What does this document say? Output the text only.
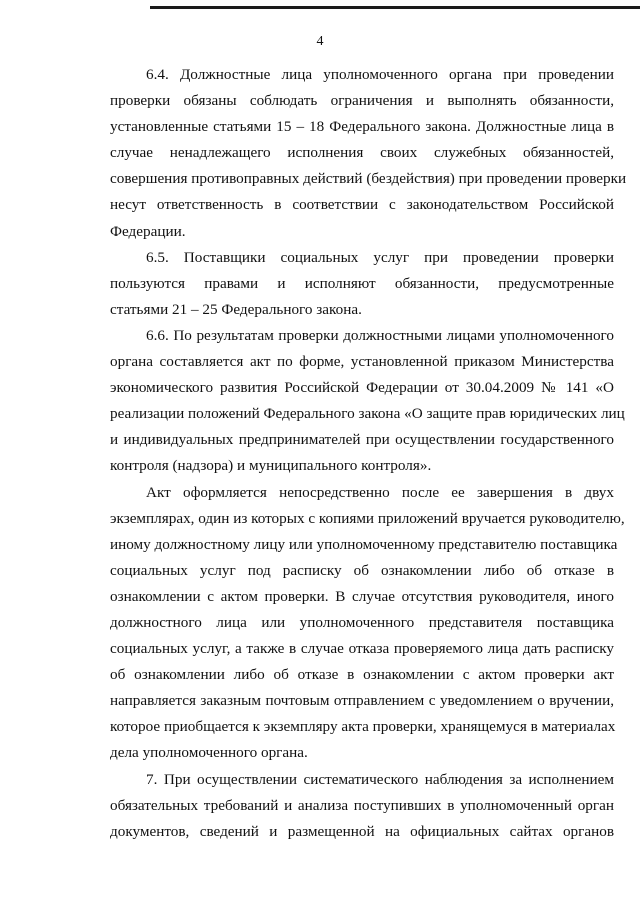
4
6.4. Должностные лица уполномоченного органа при проведении
проверки обязаны соблюдать ограничения и выполнять обязанности,
установленные статьями 15 – 18 Федерального закона. Должностные лица в
случае ненадлежащего исполнения своих служебных обязанностей,
совершения противоправных действий (бездействия) при проведении проверки
несут ответственность в соответствии с законодательством Российской
Федерации.
6.5. Поставщики социальных услуг при проведении проверки
пользуются правами и исполняют обязанности, предусмотренные
статьями 21 – 25 Федерального закона.
6.6. По результатам проверки должностными лицами уполномоченного
органа составляется акт по форме, установленной приказом Министерства
экономического развития Российской Федерации от 30.04.2009 № 141 «О
реализации положений Федерального закона «О защите прав юридических лиц
и индивидуальных предпринимателей при осуществлении государственного
контроля (надзора) и муниципального контроля».
Акт оформляется непосредственно после ее завершения в двух
экземплярах, один из которых с копиями приложений вручается руководителю,
иному должностному лицу или уполномоченному представителю поставщика
социальных услуг под расписку об ознакомлении либо об отказе в
ознакомлении с актом проверки. В случае отсутствия руководителя, иного
должностного лица или уполномоченного представителя поставщика
социальных услуг, а также в случае отказа проверяемого лица дать расписку
об ознакомлении либо об отказе в ознакомлении с актом проверки акт
направляется заказным почтовым отправлением с уведомлением о вручении,
которое приобщается к экземпляру акта проверки, хранящемуся в материалах
дела уполномоченного органа.
7. При осуществлении систематического наблюдения за исполнением
обязательных требований и анализа поступивших в уполномоченный орган
документов, сведений и размещенной на официальных сайтах органов
